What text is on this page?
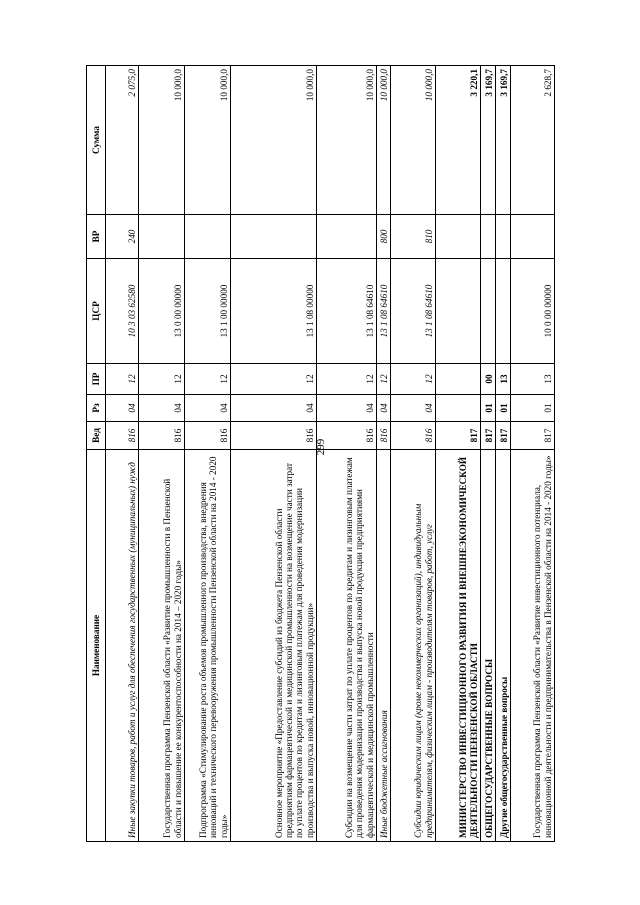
299
Наименование	Вед	Рз	ПР	ЦСР	ВР	Сумма
Иные закупки товаров, работ и услуг для обеспечения государственных (муниципальных) нужд	816	04	12	10 3 03 62580	240	2 075,0
Государственная программа Пензенской области «Развитие промышленности в Пензенской области и повышение ее конкурентоспособности на 2014 – 2020 годы»	816	04	12	13 0 00 00000		10 000,0
Подпрограмма «Стимулирование роста объемов промышленного производства, внедрения инноваций и технического перевооружения промышленности Пензенской области на 2014 - 2020 годы»	816	04	12	13 1 00 00000		10 000,0
Основное мероприятие «Предоставление субсидий из бюджета Пензенской области предприятиям фармацевтической и медицинской промышленности на возмещение части затрат по уплате процентов по кредитам и лизинговым платежам для проведения модернизации производства и выпуска новой, инновационной продукции»	816	04	12	13 1 08 00000		10 000,0
Субсидии на возмещение части затрат по уплате процентов по кредитам и лизинговым платежам для проведения модернизации производства и выпуска новой продукции предприятиями фармацевтической и медицинской промышленности	816	04	12	13 1 08 64610		10 000,0
Иные бюджетные ассигнования	816	04	12	13 1 08 64610	800	10 000,0
Субсидии юридическим лицам (кроме некоммерческих организаций), индивидуальным предпринимателям, физическим лицам - производителям товаров, работ, услуг	816	04	12	13 1 08 64610	810	10 000,0
МИНИСТЕРСТВО ИНВЕСТИЦИОННОГО РАЗВИТИЯ И ВНЕШНЕЭКОНОМИЧЕСКОЙ ДЕЯТЕЛЬНОСТИ ПЕНЗЕНСКОЙ ОБЛАСТИ	817					3 220,1
ОБЩЕГОСУДАРСТВЕННЫЕ ВОПРОСЫ	817	01	00			3 169,7
Другие общегосударственные вопросы	817	01	13			3 169,7
Государственная программа Пензенской области «Развитие инвестиционного потенциала, инновационной деятельности и предпринимательства в Пензенской области на 2014 - 2020 годы»	817	01	13	10 0 00 00000		2 628,7
